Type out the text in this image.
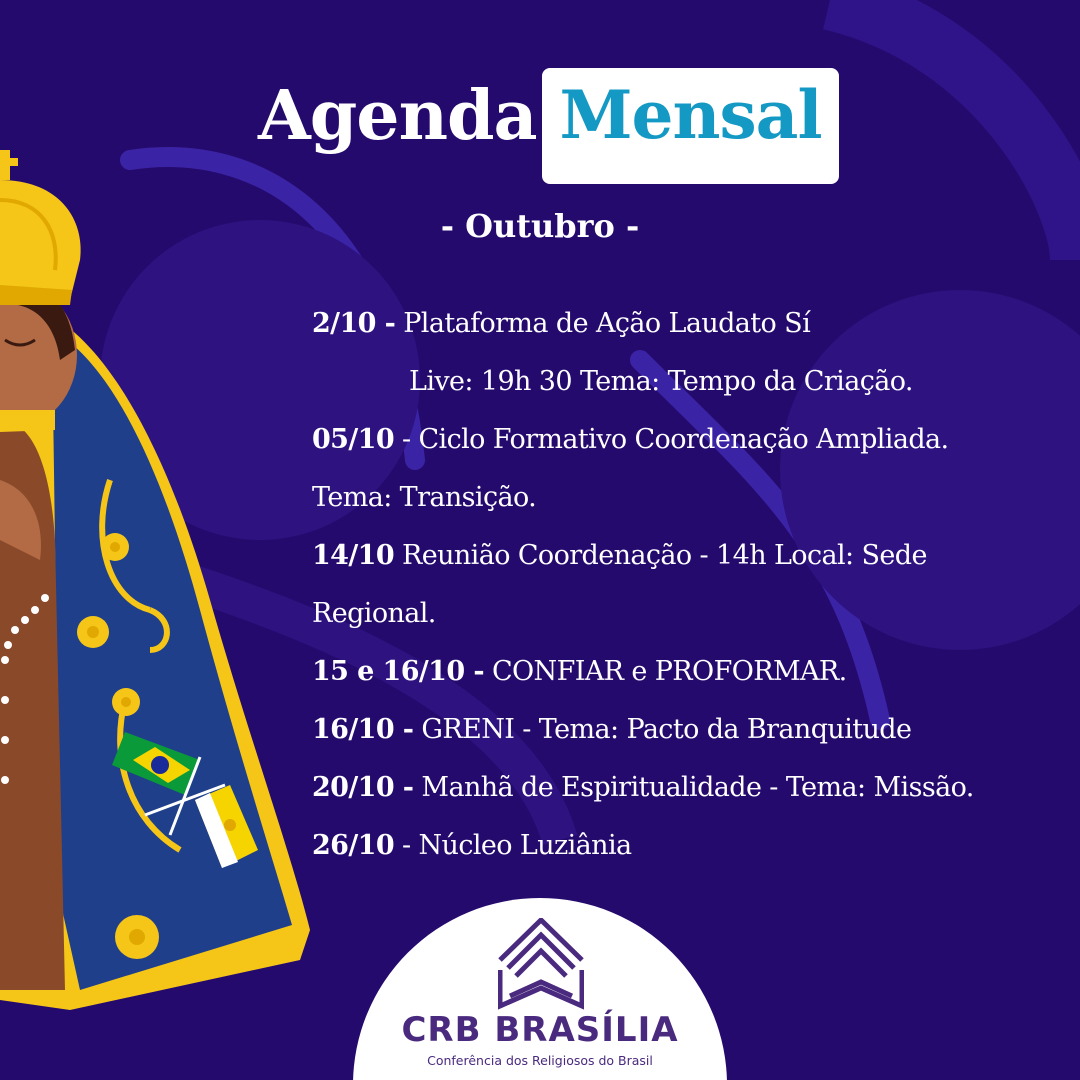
Agenda Mensal
- Outubro -
2/10 - Plataforma de Ação Laudato Sí
Live: 19h 30 Tema: Tempo da Criação.
05/10 - Ciclo Formativo Coordenação Ampliada.
Tema: Transição.
14/10 Reunião Coordenação - 14h Local: Sede
Regional.
15 e 16/10 - CONFIAR e PROFORMAR.
16/10 - GRENI - Tema: Pacto da Branquitude
20/10 - Manhã de Espiritualidade - Tema: Missão.
26/10 - Núcleo Luziânia
CRB BRASÍLIA
Conferência dos Religiosos do Brasil
